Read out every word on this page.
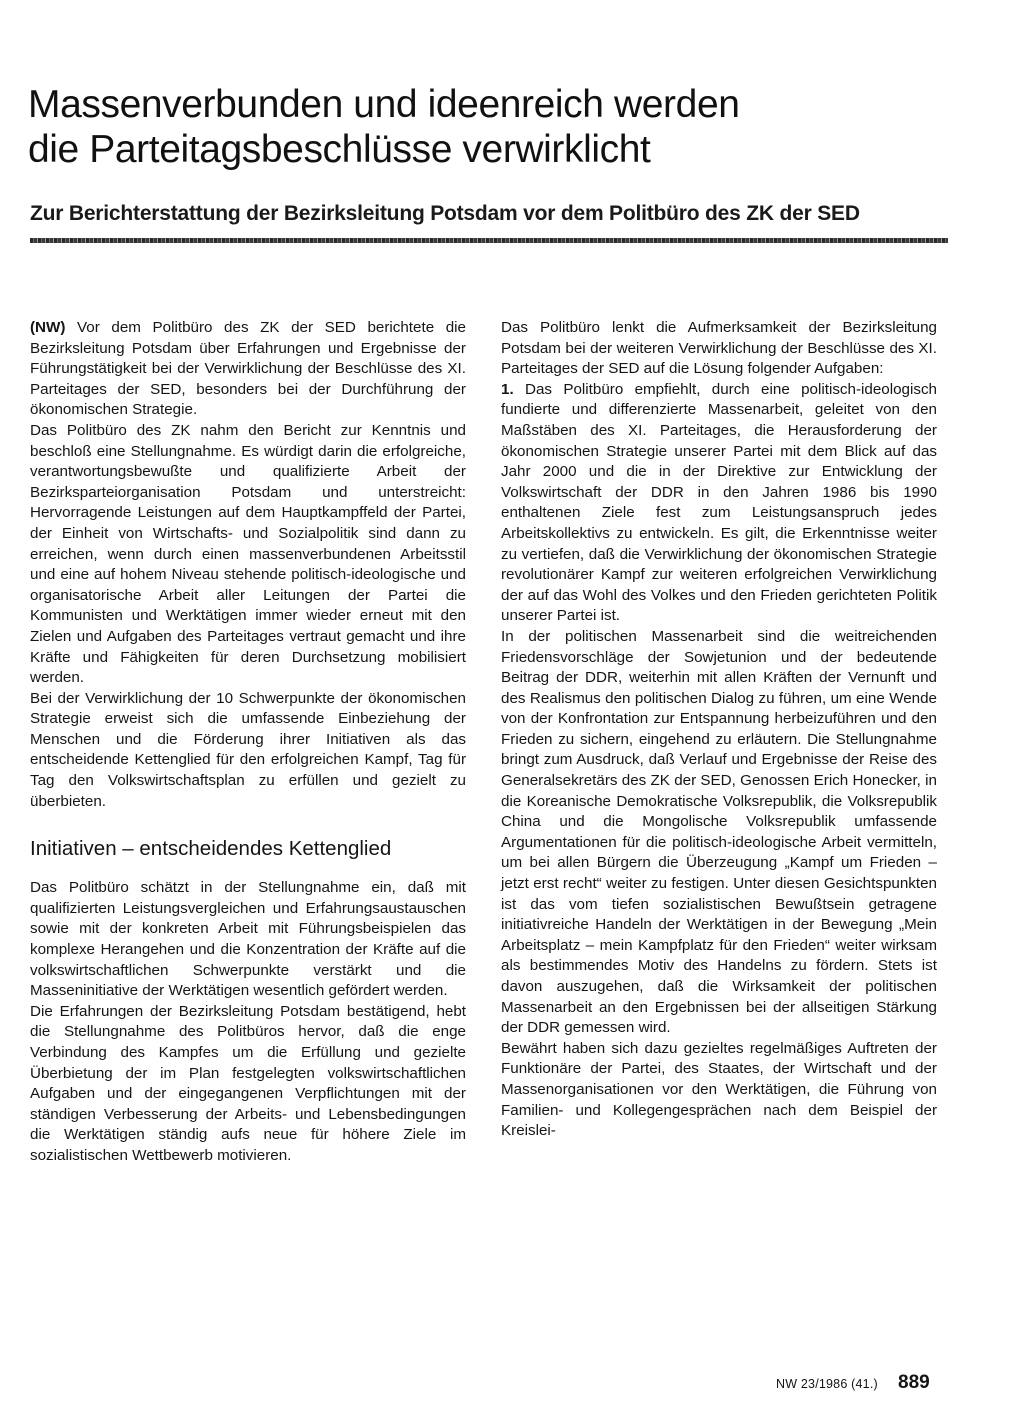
Massenverbunden und ideenreich werden
die Parteitagsbeschlüsse verwirklicht
Zur Berichterstattung der Bezirksleitung Potsdam vor dem Politbüro des ZK der SED

(NW) Vor dem Politbüro des ZK der SED berichtete die Bezirksleitung Potsdam über Erfahrungen und Ergebnisse der Führungstätigkeit bei der Verwirklichung der Beschlüsse des XI. Parteitages der SED, besonders bei der Durchführung der ökonomischen Strategie.

Das Politbüro des ZK nahm den Bericht zur Kenntnis und beschloß eine Stellungnahme. Es würdigt darin die erfolgreiche, verantwortungsbewußte und qualifizierte Arbeit der Bezirksparteiorganisation Potsdam und unterstreicht: Hervorragende Leistungen auf dem Hauptkampffeld der Partei, der Einheit von Wirtschafts- und Sozialpolitik sind dann zu erreichen, wenn durch einen massenverbundenen Arbeitsstil und eine auf hohem Niveau stehende politisch-ideologische und organisatorische Arbeit aller Leitungen der Partei die Kommunisten und Werktätigen immer wieder erneut mit den Zielen und Aufgaben des Parteitages vertraut gemacht und ihre Kräfte und Fähigkeiten für deren Durchsetzung mobilisiert werden.

Bei der Verwirklichung der 10 Schwerpunkte der ökonomischen Strategie erweist sich die umfassende Einbeziehung der Menschen und die Förderung ihrer Initiativen als das entscheidende Kettenglied für den erfolgreichen Kampf, Tag für Tag den Volkswirtschaftsplan zu erfüllen und gezielt zu überbieten.

Initiativen – entscheidendes Kettenglied

Das Politbüro schätzt in der Stellungnahme ein, daß mit qualifizierten Leistungsvergleichen und Erfahrungsaustauschen sowie mit der konkreten Arbeit mit Führungsbeispielen das komplexe Herangehen und die Konzentration der Kräfte auf die volkswirtschaftlichen Schwerpunkte verstärkt und die Masseninitiative der Werktätigen wesentlich gefördert werden.

Die Erfahrungen der Bezirksleitung Potsdam bestätigend, hebt die Stellungnahme des Politbüros hervor, daß die enge Verbindung des Kampfes um die Erfüllung und gezielte Überbietung der im Plan festgelegten volkswirtschaftlichen Aufgaben und der eingegangenen Verpflichtungen mit der ständigen Verbesserung der Arbeits- und Lebensbedingungen die Werktätigen ständig aufs neue für höhere Ziele im sozialistischen Wettbewerb motivieren.

Das Politbüro lenkt die Aufmerksamkeit der Bezirksleitung Potsdam bei der weiteren Verwirklichung der Beschlüsse des XI. Parteitages der SED auf die Lösung folgender Aufgaben:

1. Das Politbüro empfiehlt, durch eine politisch-ideologisch fundierte und differenzierte Massenarbeit, geleitet von den Maßstäben des XI. Parteitages, die Herausforderung der ökonomischen Strategie unserer Partei mit dem Blick auf das Jahr 2000 und die in der Direktive zur Entwicklung der Volkswirtschaft der DDR in den Jahren 1986 bis 1990 enthaltenen Ziele fest zum Leistungsanspruch jedes Arbeitskollektivs zu entwickeln. Es gilt, die Erkenntnisse weiter zu vertiefen, daß die Verwirklichung der ökonomischen Strategie revolutionärer Kampf zur weiteren erfolgreichen Verwirklichung der auf das Wohl des Volkes und den Frieden gerichteten Politik unserer Partei ist.

In der politischen Massenarbeit sind die weitreichenden Friedensvorschläge der Sowjetunion und der bedeutende Beitrag der DDR, weiterhin mit allen Kräften der Vernunft und des Realismus den politischen Dialog zu führen, um eine Wende von der Konfrontation zur Entspannung herbeizuführen und den Frieden zu sichern, eingehend zu erläutern. Die Stellungnahme bringt zum Ausdruck, daß Verlauf und Ergebnisse der Reise des Generalsekretärs des ZK der SED, Genossen Erich Honecker, in die Koreanische Demokratische Volksrepublik, die Volksrepublik China und die Mongolische Volksrepublik umfassende Argumentationen für die politisch-ideologische Arbeit vermitteln, um bei allen Bürgern die Überzeugung „Kampf um Frieden – jetzt erst recht“ weiter zu festigen. Unter diesen Gesichtspunkten ist das vom tiefen sozialistischen Bewußtsein getragene initiativreiche Handeln der Werktätigen in der Bewegung „Mein Arbeitsplatz – mein Kampfplatz für den Frieden“ weiter wirksam als bestimmendes Motiv des Handelns zu fördern. Stets ist davon auszugehen, daß die Wirksamkeit der politischen Massenarbeit an den Ergebnissen bei der allseitigen Stärkung der DDR gemessen wird.

Bewährt haben sich dazu gezieltes regelmäßiges Auftreten der Funktionäre der Partei, des Staates, der Wirtschaft und der Massenorganisationen vor den Werktätigen, die Führung von Familien- und Kollegengesprächen nach dem Beispiel der Kreislei-

NW 23/1986 (41.) 889
